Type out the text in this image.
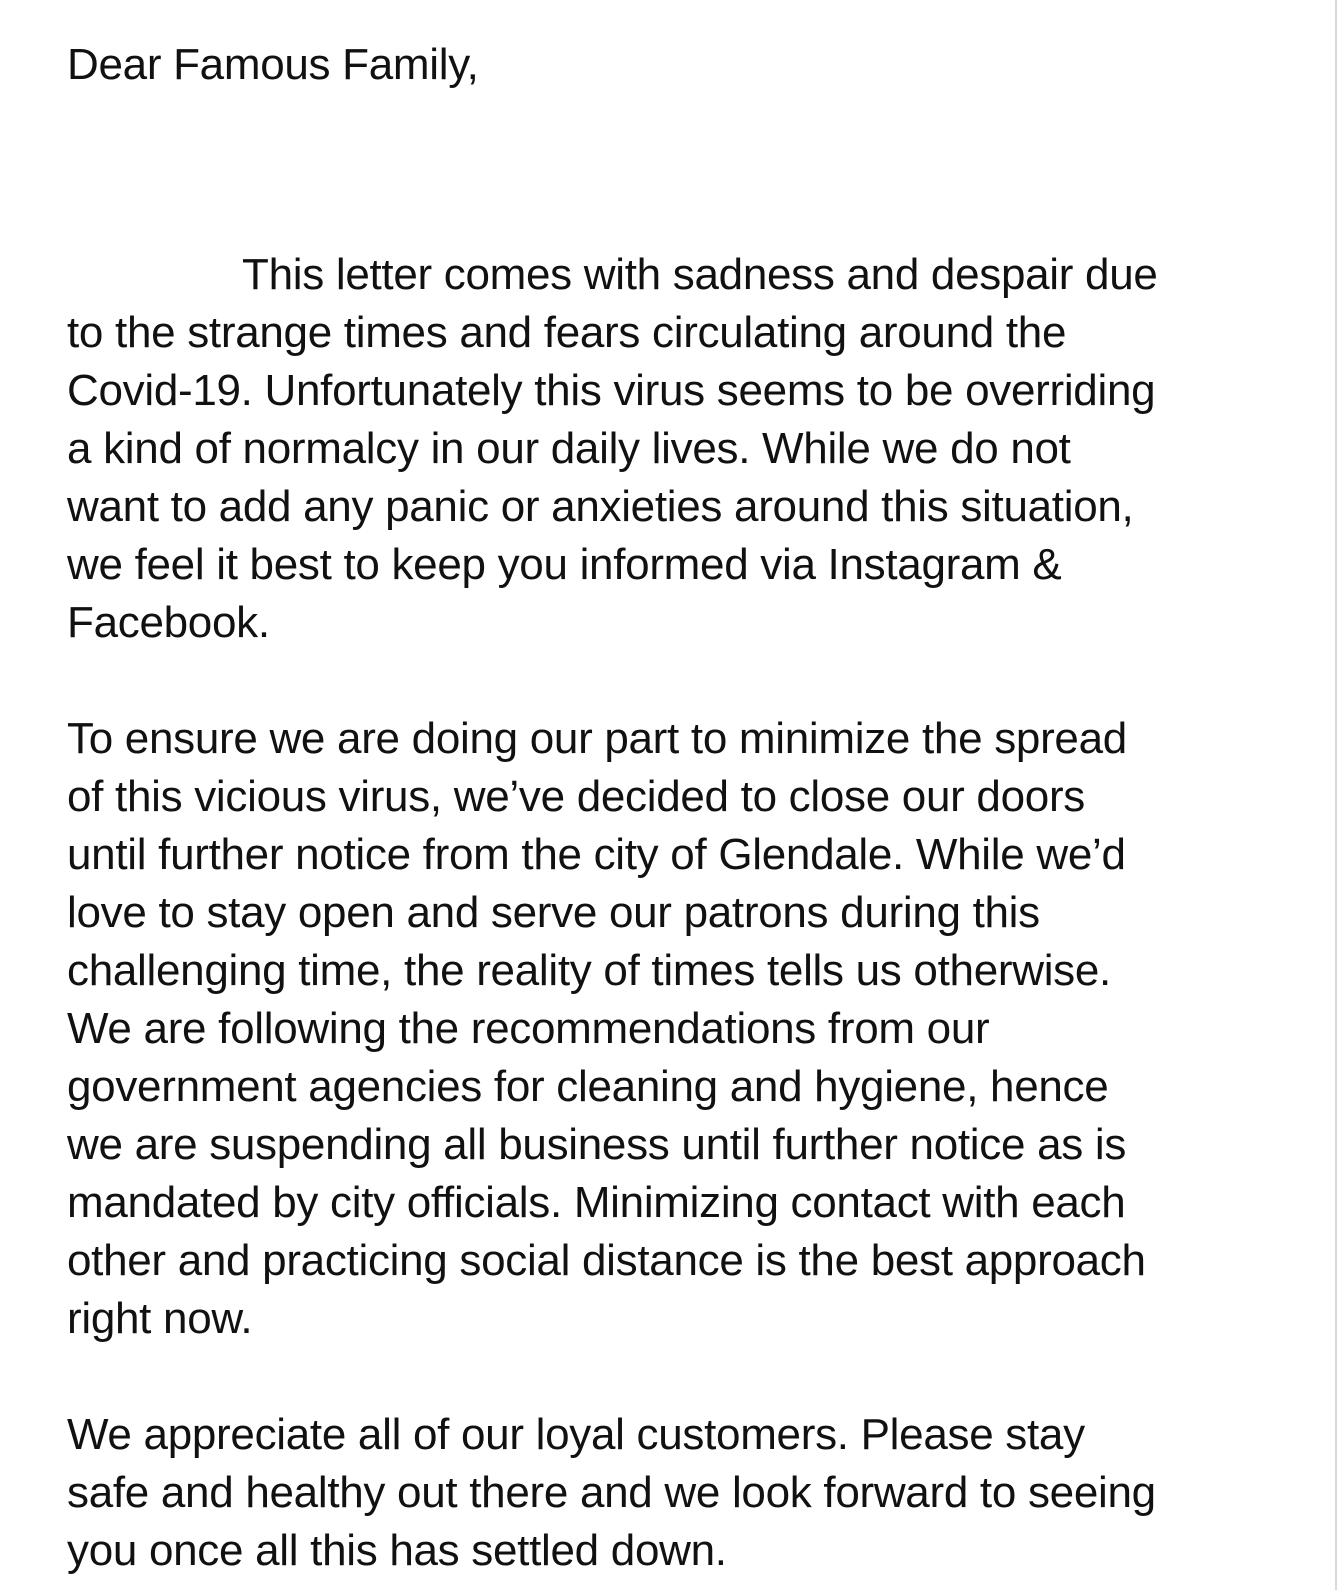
Dear Famous Family,
This letter comes with sadness and despair due
to the strange times and fears circulating around the
Covid-19. Unfortunately this virus seems to be overriding
a kind of normalcy in our daily lives. While we do not
want to add any panic or anxieties around this situation,
we feel it best to keep you informed via Instagram &
Facebook.
To ensure we are doing our part to minimize the spread
of this vicious virus, we’ve decided to close our doors
until further notice from the city of Glendale. While we’d
love to stay open and serve our patrons during this
challenging time, the reality of times tells us otherwise.
We are following the recommendations from our
government agencies for cleaning and hygiene, hence
we are suspending all business until further notice as is
mandated by city officials. Minimizing contact with each
other and practicing social distance is the best approach
right now.
We appreciate all of our loyal customers. Please stay
safe and healthy out there and we look forward to seeing
you once all this has settled down.
